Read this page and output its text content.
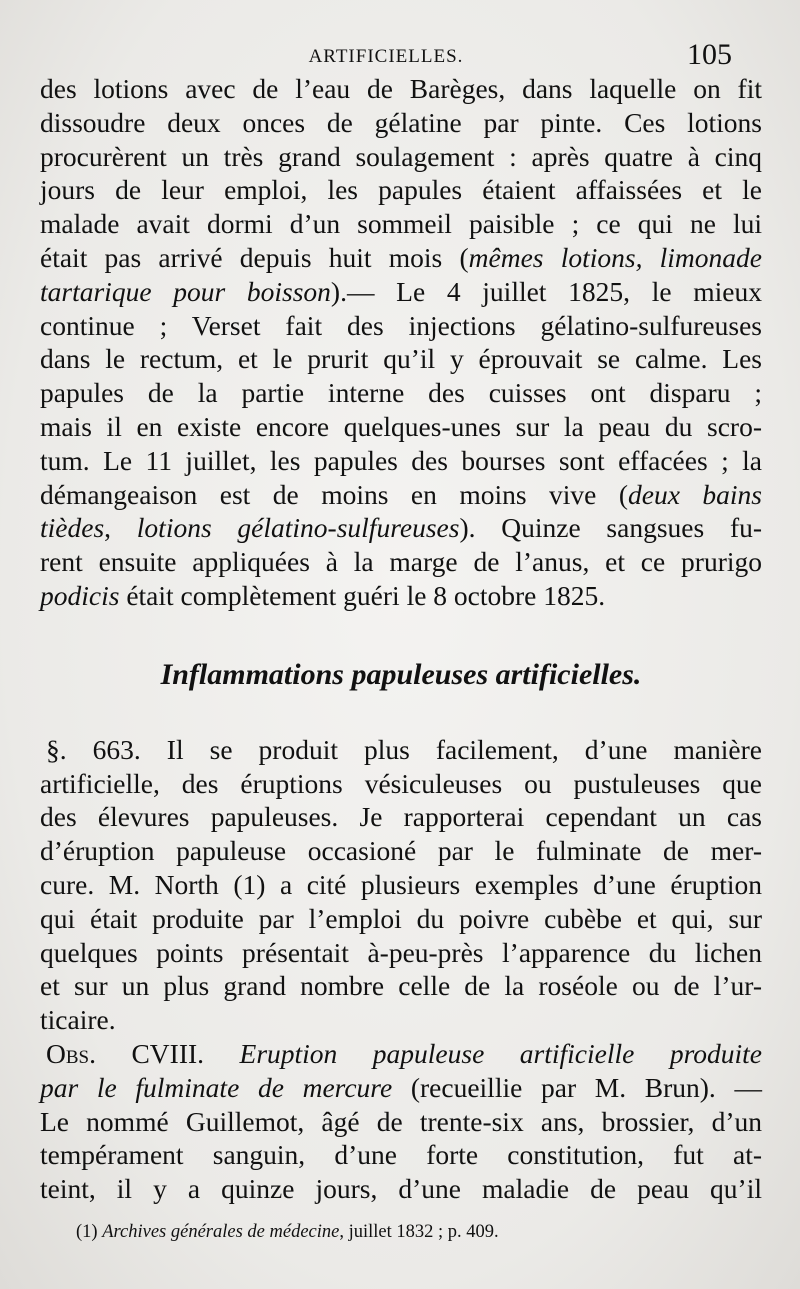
ARTIFICIELLES.	105
des lotions avec de l’eau de Barèges, dans laquelle on fit
dissoudre deux onces de gélatine par pinte. Ces lotions
procurèrent un très grand soulagement : après quatre à cinq
jours de leur emploi, les papules étaient affaissées et le
malade avait dormi d’un sommeil paisible ; ce qui ne lui
était pas arrivé depuis huit mois (mêmes lotions, limonade
tartarique pour boisson).— Le 4 juillet 1825, le mieux
continue ; Verset fait des injections gélatino-sulfureuses
dans le rectum, et le prurit qu’il y éprouvait se calme. Les
papules de la partie interne des cuisses ont disparu ;
mais il en existe encore quelques-unes sur la peau du scro-
tum. Le 11 juillet, les papules des bourses sont effacées ; la
démangeaison est de moins en moins vive (deux bains
tièdes, lotions gélatino-sulfureuses). Quinze sangsues fu-
rent ensuite appliquées à la marge de l’anus, et ce prurigo
podicis était complètement guéri le 8 octobre 1825.
Inflammations papuleuses artificielles.
§. 663. Il se produit plus facilement, d’une manière
artificielle, des éruptions vésiculeuses ou pustuleuses que
des élevures papuleuses. Je rapporterai cependant un cas
d’éruption papuleuse occasioné par le fulminate de mer-
cure. M. North (1) a cité plusieurs exemples d’une éruption
qui était produite par l’emploi du poivre cubèbe et qui, sur
quelques points présentait à-peu-près l’apparence du lichen
et sur un plus grand nombre celle de la roséole ou de l’ur-
ticaire.
Obs. CVIII. Eruption papuleuse artificielle produite
par le fulminate de mercure (recueillie par M. Brun). —
Le nommé Guillemot, âgé de trente-six ans, brossier, d’un
tempérament sanguin, d’une forte constitution, fut at-
teint, il y a quinze jours, d’une maladie de peau qu’il
(1) Archives générales de médecine, juillet 1832 ; p. 409.
